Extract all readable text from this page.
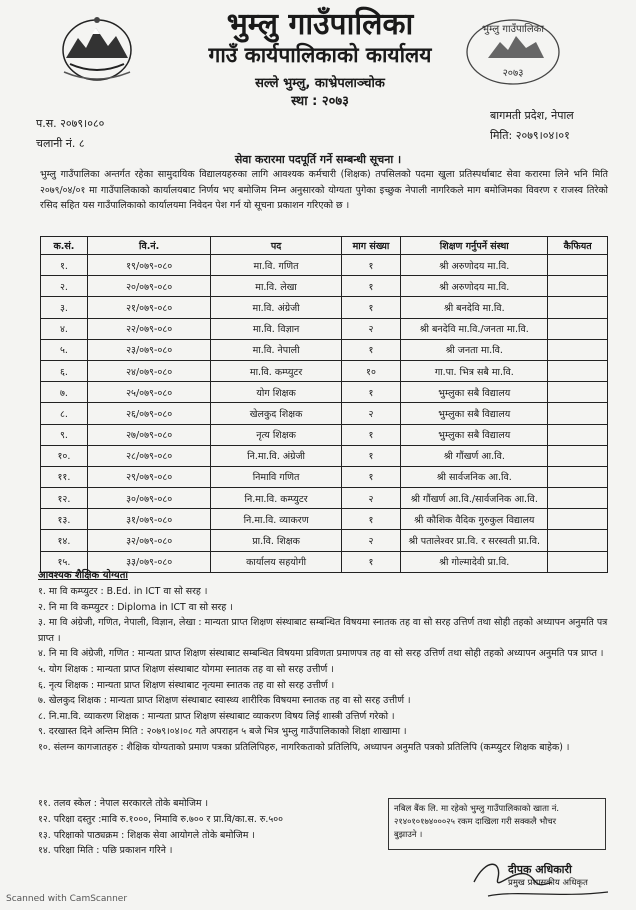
भुम्लु गाउँपालिका
गाउँ कार्यपालिकाको कार्यालय
सल्ले भुम्लु, काभ्रेपलाञ्चोक
स्था : २०७३
भुम्लु गाउँपालिका
२०७३
प.स. २०७९।०८०
चलानी नं. ८
बागमती प्रदेश, नेपाल
मिति: २०७९।०४।०१
सेवा करारमा पदपूर्ति गर्ने सम्बन्धी सूचना ।
भुम्लु गाउँपालिका अन्तर्गत रहेका सामुदायिक विद्यालयहरुका लागि आवश्यक कर्मचारी (शिक्षक) तपसिलको पदमा खुला प्रतिस्पर्धाबाट सेवा करारमा लिने भनि मिति २०७९/०४/०१ मा गाउँपालिकाको कार्यालयबाट निर्णय भए बमोजिम निम्न अनुसारको योग्यता पुगेका इच्छुक नेपाली नागरिकले माग बमोजिमका विवरण र राजस्व तिरेको रसिद सहित यस गाउँपालिकाको कार्यालयमा निवेदन पेश गर्न यो सूचना प्रकाशन गरिएको छ ।
क.सं.	वि.नं.	पद	माग संख्या	शिक्षण गर्नुपर्ने संस्था	कैफियत
१.	१९/०७९-०८०	मा.वि. गणित	१	श्री अरुणोदय मा.वि.	
२.	२०/०७९-०८०	मा.वि. लेखा	१	श्री अरुणोदय मा.वि.	
३.	२१/०७९-०८०	मा.वि. अंग्रेजी	१	श्री बनदेवि मा.वि.	
४.	२२/०७९-०८०	मा.वि. विज्ञान	२	श्री बनदेवि मा.वि./जनता मा.वि.	
५.	२३/०७९-०८०	मा.वि. नेपाली	१	श्री जनता मा.वि.	
६.	२४/०७९-०८०	मा.वि. कम्प्युटर	१०	गा.पा. भित्र सबै मा.वि.	
७.	२५/०७९-०८०	योग शिक्षक	१	भुम्लुका सबै विद्यालय	
८.	२६/०७९-०८०	खेलकुद शिक्षक	२	भुम्लुका सबै विद्यालय	
९.	२७/०७९-०८०	नृत्य शिक्षक	१	भुम्लुका सबै विद्यालय	
१०.	२८/०७९-०८०	नि.मा.वि. अंग्रेजी	१	श्री गौंखर्ण आ.वि.	
११.	२९/०७९-०८०	निमावि गणित	१	श्री सार्वजनिक आ.वि.	
१२.	३०/०७९-०८०	नि.मा.वि. कम्प्युटर	२	श्री गौंखर्ण आ.वि./सार्वजनिक आ.वि.	
१३.	३१/०७९-०८०	नि.मा.वि. व्याकरण	१	श्री कौशिक वैदिक गुरुकुल विद्यालय	
१४.	३२/०७९-०८०	प्रा.वि. शिक्षक	२	श्री पतालेश्वर प्रा.वि. र सरस्वती प्रा.वि.	
१५.	३३/०७९-०८०	कार्यालय सहयोगी	१	श्री गोल्मादेवी प्रा.वि.	
आवश्यक शैक्षिक योग्यता
१. मा वि कम्प्युटर : B.Ed. in ICT वा सो सरह ।
२. नि मा वि कम्प्युटर : Diploma in ICT वा सो सरह ।
३. मा वि अंग्रेजी, गणित, नेपाली, विज्ञान, लेखा : मान्यता प्राप्त शिक्षण संस्थाबाट सम्बन्धित विषयमा स्नातक तह वा सो सरह उत्तिर्ण तथा सोही तहको अध्यापन अनुमति पत्र प्राप्त ।
४. नि मा वि अंग्रेजी, गणित : मान्यता प्राप्त शिक्षण संस्थाबाट सम्बन्धित विषयमा प्रविणता प्रमाणपत्र तह वा सो सरह उत्तिर्ण तथा सोही तहको अध्यापन अनुमति पत्र प्राप्त ।
५. योग शिक्षक : मान्यता प्राप्त शिक्षण संस्थाबाट योगमा स्नातक तह वा सो सरह उत्तीर्ण ।
६. नृत्य शिक्षक : मान्यता प्राप्त शिक्षण संस्थाबाट नृत्यमा स्नातक तह वा सो सरह उत्तीर्ण ।
७. खेलकुद शिक्षक : मान्यता प्राप्त शिक्षण संस्थाबाट स्वास्थ्य शारीरिक विषयमा स्नातक तह वा सो सरह उत्तीर्ण ।
८. नि.मा.वि. व्याकरण शिक्षक : मान्यता प्राप्त शिक्षण संस्थाबाट व्याकरण विषय लिई शास्त्री उत्तिर्ण गरेको ।
९. दरखास्त दिने अन्तिम मिति : २०७९।०४।०८ गते अपराहन ५ बजे भित्र भुम्लु गाउँपालिकाको शिक्षा शाखामा ।
१०. संलग्न कागजातहरु : शैक्षिक योग्यताको प्रमाण पत्रका प्रतिलिपिहरु, नागरिकताको प्रतिलिपि, अध्यापन अनुमति पत्रको प्रतिलिपि (कम्प्युटर शिक्षक बाहेक) ।
११. तलव स्केल : नेपाल सरकारले तोके बमोजिम ।
१२. परिक्षा दस्तुर :मावि रु.१०००, निमावि रु.७०० र प्रा.वि/का.स. रु.५००
१३. परिक्षाको पाठ्यक्रम : शिक्षक सेवा आयोगले तोके बमोजिम ।
१४. परिक्षा मिति : पछि प्रकाशन गरिने ।
नबिल बैंक लि. मा रहेको भुम्लु गाउँपालिकाको खाता नं.
२१४०१०१७४०००२५ रकम दाखिला गरी सक्कलै भौचर
बुझाउने ।
दीपक अधिकारी
प्रमुख प्रशासकीय अधिकृत
Scanned with CamScanner
